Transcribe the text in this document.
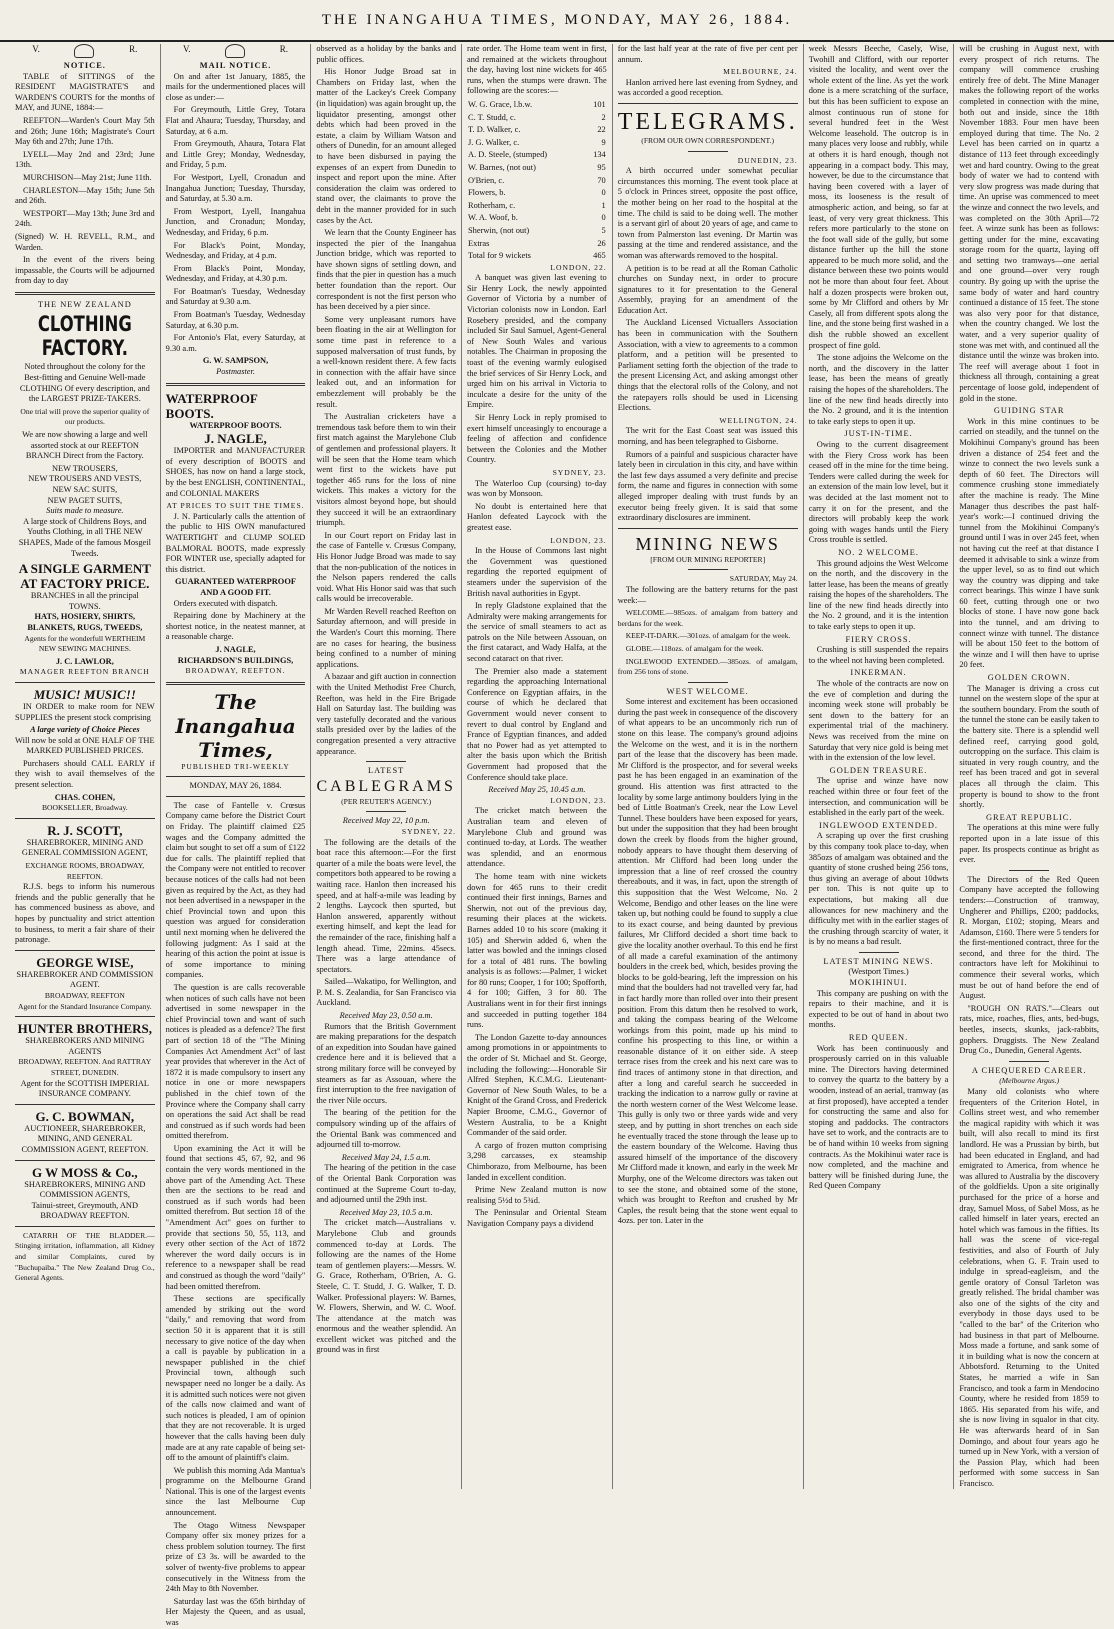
THE INANGAHUA TIMES, MONDAY, MAY 26, 1884.
V.	R.
NOTICE.

TABLE of SITTINGS of the RESIDENT MAGISTRATE'S and WARDEN'S COURTS for the months of MAY, and JUNE, 1884:—

REEFTON—Warden's Court May 5th and 26th; June 16th; Magistrate's Court May 6th and 27th; June 17th.

LYELL—May 2nd and 23rd; June 13th.

MURCHISON—May 21st; June 11th.

CHARLESTON—May 15th; June 5th and 26th.

WESTPORT—May 13th; June 3rd and 24th.

(Signed) W. H. REVELL, R.M., and Warden.

In the event of the rivers being impassable, the Courts will be adjourned from day to day

THE NEW ZEALAND
CLOTHING FACTORY.

Noted throughout the colony for the Best-fitting and Genuine Well-made CLOTHING Of every description, and the LARGEST PRIZE-TAKERS.

One trial will prove the superior quality of our products.

We are now showing a large and well assorted stock at our REEFTON BRANCH Direct from the Factory.

NEW TROUSERS,
NEW TROUSERS AND VESTS,
NEW SAC SUITS,
NEW PAGET SUITS,
Suits made to measure.

A large stock of Childrens Boys, and Youths Clothing, in all THE NEW SHAPES, Made of the famous Mosgeil Tweeds.

A SINGLE GARMENT AT FACTORY PRICE.
BRANCHES in all the principal TOWNS.
HATS, HOSIERY, SHIRTS, BLANKETS, RUGS, TWEEDS,

Agents for the wonderfull WERTHEIM NEW SEWING MACHINES.

J. C. LAWLOR,
MANAGER REEFTON BRANCH
MUSIC! MUSIC!!

IN ORDER to make room for NEW SUPPLIES the present stock comprising

A large variety of Choice Pieces

Will now be sold at ONE HALF OF THE MARKED PUBLISHED PRICES.

Purchasers should CALL EARLY if they wish to avail themselves of the present selection.

CHAS. COHEN,
BOOKSELLER, Broadway.
R. J. SCOTT,

SHAREBROKER, MINING AND GENERAL COMMISSION AGENT,

EXCHANGE ROOMS, BROADWAY, REEFTON.

R.J.S. begs to inform his numerous friends and the public generally that he has commenced business as above, and hopes by punctuality and strict attention to business, to merit a fair share of their patronage.

GEORGE WISE,
SHAREBROKER AND COMMISSION AGENT.
BROADWAY, REEFTON
Agent for the Standard Insurance Company.
HUNTER BROTHERS,
SHAREBROKERS AND MINING AGENTS
BROADWAY, REEFTON. And RATTRAY STREET, DUNEDIN.
Agent for the SCOTTISH IMPERIAL INSURANCE COMPANY.
G. C. BOWMAN,
AUCTIONEER, SHAREBROKER, MINING, AND GENERAL COMMISSION AGENT, REEFTON.
G W MOSS & Co.,
SHAREBROKERS, MINING AND COMMISSION AGENTS,
Tainui-street, Greymouth, AND BROADWAY REEFTON.

CATARRH OF THE BLADDER.—Stinging irritation, inflammation, all Kidney and similar Complaints, cured by "Buchupaiba." The New Zealand Drug Co., General Agents.

V.	R.
MAIL NOTICE.

On and after 1st January, 1885, the mails for the undermentioned places will close as under:—

For Greymouth, Little Grey, Totara Flat and Ahaura; Tuesday, Thursday, and Saturday, at 6 a.m.

From Greymouth, Ahaura, Totara Flat and Little Grey; Monday, Wednesday, and Friday, 5 p.m.

For Westport, Lyell, Cronadun and Inangahua Junction; Tuesday, Thursday, and Saturday, at 5.30 a.m.

From Westport, Lyell, Inangahua Junction, and Cronadun; Monday, Wednesday, and Friday, 6 p.m.

For Black's Point, Monday, Wednesday, and Friday, at 4 p.m.

From Black's Point, Monday, Wednesday, and Friday, at 4.30 p.m.

For Boatman's Tuesday, Wednesday and Saturday at 9.30 a.m.

From Boatman's Tuesday, Wednesday Saturday, at 6.30 p.m.

For Antonio's Flat, every Saturday, at 9.30 a.m.

G. W. SAMPSON,
Postmaster.
WATERPROOF BOOTS.
WATERPROOF BOOTS.
J. NAGLE,

IMPORTER and MANUFACTURER of every description of BOOTS and SHOES, has now on hand a large stock, by the best ENGLISH, CONTINENTAL, and COLONIAL MAKERS

AT PRICES TO SUIT THE TIMES.

J. N. Particularly calls the attention of the public to HIS OWN manufactured WATERTIGHT and CLUMP SOLED BALMORAL BOOTS, made expressly FOR WINTER use, specially adapted for this district.

GUARANTEED WATERPROOF AND A GOOD FIT.

Orders executed with dispatch.

Repairing done by Machinery at the shortest notice, in the neatest manner, at a reasonable charge.

J. NAGLE,
RICHARDSON'S BUILDINGS,
BROADWAY, REEFTON.
The Inangahua Times,
PUBLISHED TRI-WEEKLY
MONDAY, MAY 26, 1884.

The case of Fantelle v. Crœsus Company came before the District Court on Friday. The plaintiff claimed £25 wages and the Company admitted the claim but sought to set off a sum of £122 due for calls. The plaintiff replied that the Company were not entitled to recover because notices of the calls had not been given as required by the Act, as they had not been advertised in a newspaper in the chief Provincial town and upon this question was argued for consideration until next morning when he delivered the following judgment: As I said at the hearing of this action the point at issue is of some importance to mining companies.

The question is are calls recoverable when notices of such calls have not been advertised in some newspaper in the chief Provincial town and want of such notices is pleaded as a defence? The first part of section 18 of the "The Mining Companies Act Amendment Act" of last year provides that wherever in the Act of 1872 it is made compulsory to insert any notice in one or more newspapers published in the chief town of the Province where the Company shall carry on operations the said Act shall be read and construed as if such words had been omitted therefrom.

Upon examining the Act it will be found that sections 45, 67, 92, and 96 contain the very words mentioned in the above part of the Amending Act. These then are the sections to be read and construed as if such words had been omitted therefrom. But section 18 of the "Amendment Act" goes on further to provide that sections 50, 55, 113, and every other section of the Act of 1872 wherever the word daily occurs is in reference to a newspaper shall be read and construed as though the word "daily" had been omitted therefrom.

These sections are specifically amended by striking out the word "daily," and removing that word from section 50 it is apparent that it is still necessary to give notice of the day when a call is payable by publication in a newspaper published in the chief Provincial town, although such newspaper need no longer be a daily. As it is admitted such notices were not given of the calls now claimed and want of such notices is pleaded, I am of opinion that they are not recoverable. It is urged however that the calls having been duly made are at any rate capable of being set-off to the amount of plaintiff's claim.

We publish this morning Ada Mantua's programme on the Melbourne Grand National. This is one of the largest events since the last Melbourne Cup announcement.

The Otago Witness Newspaper Company offer six money prizes for a chess problem solution tourney. The first prize of £3 3s. will be awarded to the solver of twenty-five problems to appear consecutively in the Witness from the 24th May to 8th November.

Saturday last was the 65th birthday of Her Majesty the Queen, and as usual, was

observed as a holiday by the banks and public offices.

His Honor Judge Broad sat in Chambers on Friday last, when the matter of the Lackey's Creek Company (in liquidation) was again brought up, the liquidator presenting, amongst other debts which had been proved in the estate, a claim by William Watson and others of Dunedin, for an amount alleged to have been disbursed in paying the expenses of an expert from Dunedin to inspect and report upon the mine. After consideration the claim was ordered to stand over, the claimants to prove the debt in the manner provided for in such cases by the Act.

We learn that the County Engineer has inspected the pier of the Inangahua Junction bridge, which was reported to have shown signs of settling down, and finds that the pier in question has a much better foundation than the report. Our correspondent is not the first person who has been deceived by a pier since.

Some very unpleasant rumors have been floating in the air at Wellington for some time past in reference to a supposed malversation of trust funds, by a well-known resident there. A few facts in connection with the affair have since leaked out, and an information for embezzlement will probably be the result.

The Australian cricketers have a tremendous task before them to win their first match against the Marylebone Club of gentlemen and professional players. It will be seen that the Home team which went first to the wickets have put together 465 runs for the loss of nine wickets. This makes a victory for the visitors almost beyond hope, but should they succeed it will be an extraordinary triumph.

In our Court report on Friday last in the case of Fantelle v. Crœsus Company, His Honor Judge Broad was made to say that the non-publication of the notices in the Nelson papers rendered the calls void. What His Honor said was that such calls would be irrecoverable.

Mr Warden Revell reached Reefton on Saturday afternoon, and will preside in the Warden's Court this morning. There are no cases for hearing, the business being confined to a number of mining applications.

A bazaar and gift auction in connection with the United Methodist Free Church, Reefton, was held in the Fire Brigade Hall on Saturday last. The building was very tastefully decorated and the various stalls presided over by the ladies of the congregation presented a very attractive appearance.

LATEST
CABLEGRAMS
(PER REUTER'S AGENCY.)
Received May 22, 10 p.m.
SYDNEY, 22.

The following are the details of the boat race this afternoon:—For the first quarter of a mile the boats were level, the competitors both appeared to be rowing a waiting race. Hanlon then increased his speed, and at half-a-mile was leading by 2 lengths. Laycock then spurted, but Hanlon answered, apparently without exerting himself, and kept the lead for the remainder of the race, finishing half a length ahead. Time, 22mins. 45secs. There was a large attendance of spectators.

Sailed—Wakatipo, for Wellington, and P. M. S. Zealandia, for San Francisco via Auckland.

Received May 23, 0.50 a.m.

Rumors that the British Government are making preparations for the despatch of an expedition into Soudan have gained credence here and it is believed that a strong military force will be conveyed by steamers as far as Assouan, where the first interruption to the free navigation of the river Nile occurs.

The bearing of the petition for the compulsory winding up of the affairs of the Oriental Bank was commenced and adjourned till to-morrow.

Received May 24, 1.5 a.m.

The hearing of the petition in the case of the Oriental Bank Corporation was continued at the Supreme Court to-day, and adjourned until the 29th inst.

Received May 23, 10.5 a.m.

The cricket match—Australians v. Marylebone Club and grounds commenced to-day at Lords. The following are the names of the Home team of gentlemen players:—Messrs. W. G. Grace, Rotherham, O'Brien, A. G. Steele, C. T. Studd, J. G. Walker, T. D. Walker. Professional players: W. Barnes, W. Flowers, Sherwin, and W. C. Woof. The attendance at the match was enormous and the weather splendid. An excellent wicket was pitched and the ground was in first

rate order. The Home team went in first, and remained at the wickets throughout the day, having lost nine wickets for 465 runs, when the stumps were drawn. The following are the scores:—

W. G. Grace, l.b.w.	101
C. T. Studd, c.	2
T. D. Walker, c.	22
J. G. Walker, c.	9
A. D. Steele, (stumped)	134
W. Barnes, (not out)	95
O'Brien, c.	70
Flowers, b.	0
Rotherham, c.	1
W. A. Woof, b.	0
Sherwin, (not out)	5
Extras	26
Total for 9 wickets	465
LONDON, 22.

A banquet was given last evening to Sir Henry Lock, the newly appointed Governor of Victoria by a number of Victorian colonists now in London. Earl Rosebery presided, and the company included Sir Saul Samuel, Agent-General of New South Wales and various notables. The Chairman in proposing the toast of the evening warmly eulogised the brief services of Sir Henry Lock, and urged him on his arrival in Victoria to inculcate a desire for the unity of the Empire.

Sir Henry Lock in reply promised to exert himself unceasingly to encourage a feeling of affection and confidence between the Colonies and the Mother Country.

SYDNEY, 23.

The Waterloo Cup (coursing) to-day was won by Monsoon.

No doubt is entertained here that Hanlon defeated Laycock with the greatest ease.

LONDON, 23.

In the House of Commons last night the Government was questioned regarding the reported equipment of steamers under the supervision of the British naval authorities in Egypt.

In reply Gladstone explained that the Admiralty were making arrangements for the service of small steamers to act as patrols on the Nile between Assouan, on the first cataract, and Wady Halfa, at the second cataract on that river.

The Premier also made a statement regarding the approaching International Conference on Egyptian affairs, in the course of which he declared that Government would never consent to revert to dual control by England and France of Egyptian finances, and added that no Power had as yet attempted to alter the basis upon which the British Government had proposed that the Conference should take place.

Received May 25, 10.45 a.m.
LONDON, 23.

The cricket match between the Australian team and eleven of Marylebone Club and ground was continued to-day, at Lords. The weather was splendid, and an enormous attendance.

The home team with nine wickets down for 465 runs to their credit continued their first innings, Barnes and Sherwin, not out of the previous day, resuming their places at the wickets. Barnes added 10 to his score (making it 105) and Sherwin added 6, when the latter was bowled and the innings closed for a total of 481 runs. The bowling analysis is as follows:—Palmer, 1 wicket for 80 runs; Cooper, 1 for 100; Spofforth, 4 for 100; Giffen, 3 for 80. The Australians went in for their first innings and succeeded in putting together 184 runs.

The London Gazette to-day announces among promotions in or appointments to the order of St. Michael and St. George, including the following:—Honorable Sir Alfred Stephen, K.C.M.G. Lieutenant-Governor of New South Wales, to be a Knight of the Grand Cross, and Frederick Napier Broome, C.M.G., Governor of Western Australia, to be a Knight Commander of the said order.

A cargo of frozen mutton comprising 3,298 carcasses, ex steamship Chimborazo, from Melbourne, has been landed in excellent condition.

Prime New Zealand mutton is now realising 5½d to 5¾d.

The Peninsular and Oriental Steam Navigation Company pays a dividend

for the last half year at the rate of five per cent per annum.

MELBOURNE, 24.

Hanlon arrived here last evening from Sydney, and was accorded a good reception.

TELEGRAMS.
(FROM OUR OWN CORRESPONDENT.)
DUNEDIN, 23.

A birth occurred under somewhat peculiar circumstances this morning. The event took place at 5 o'clock in Princes street, opposite the post office, the mother being on her road to the hospital at the time. The child is said to be doing well. The mother is a servant girl of about 20 years of age, and came to town from Palmerston last evening. Dr Martin was passing at the time and rendered assistance, and the woman was afterwards removed to the hospital.

A petition is to be read at all the Roman Catholic churches on Sunday next, in order to procure signatures to it for presentation to the General Assembly, praying for an amendment of the Education Act.

The Auckland Licensed Victuallers Association has been in communication with the Southern Association, with a view to agreements to a common platform, and a petition will be presented to Parliament setting forth the objection of the trade to the present Licensing Act, and asking amongst other things that the electoral rolls of the Colony, and not the ratepayers rolls should be used in Licensing Elections.

WELLINGTON, 24.

The writ for the East Coast seat was issued this morning, and has been telegraphed to Gisborne.

Rumors of a painful and suspicious character have lately been in circulation in this city, and have within the last few days assumed a very definite and precise form, the name and figures in connection with some alleged improper dealing with trust funds by an executor being freely given. It is said that some extraordinary disclosures are imminent.

MINING NEWS
[FROM OUR MINING REPORTER]
SATURDAY, May 24.

The following are the battery returns for the past week:—

WELCOME.—985ozs. of amalgam from battery and berdans for the week.

KEEP-IT-DARK.—301ozs. of amalgam for the week.

GLOBE.—118ozs. of amalgam for the week.

INGLEWOOD EXTENDED.—385ozs. of amalgam, from 256 tons of stone.

WEST WELCOME.

Some interest and excitement has been occasioned during the past week in consequence of the discovery of what appears to be an uncommonly rich run of stone on this lease. The company's ground adjoins the Welcome on the west, and it is in the northern part of the lease that the discovery has been made. Mr Clifford is the prospector, and for several weeks past he has been engaged in an examination of the ground. His attention was first attracted to the locality by some large antimony boulders lying in the bed of Little Boatman's Creek, near the Low Level Tunnel. These boulders have been exposed for years, but under the supposition that they had been brought down the creek by floods from the higher ground, nobody appears to have thought them deserving of attention. Mr Clifford had been long under the impression that a line of reef crossed the country thereabouts, and it was, in fact, upon the strength of this supposition that the West Welcome, No. 2 Welcome, Bendigo and other leases on the line were taken up, but nothing could be found to supply a clue to its exact course, and being daunted by previous failures, Mr Clifford decided a short time back to give the locality another overhaul. To this end he first of all made a careful examination of the antimony boulders in the creek bed, which, besides proving the blocks to be gold-bearing, left the impression on his mind that the boulders had not travelled very far, had in fact hardly more than rolled over into their present position. From this datum then he resolved to work, and taking the compass bearing of the Welcome workings from this point, made up his mind to confine his prospecting to this line, or within a reasonable distance of it on either side. A steep terrace rises from the creek and his next care was to find traces of antimony stone in that direction, and after a long and careful search he succeeded in tracking the indication to a narrow gully or ravine at the north western corner of the West Welcome lease. This gully is only two or three yards wide and very steep, and by putting in short trenches on each side he eventually traced the stone through the lease up to the eastern boundary of the Welcome. Having thus assured himself of the importance of the discovery Mr Clifford made it known, and early in the week Mr Murphy, one of the Welcome directors was taken out to see the stone, and obtained some of the stone, which was brought to Reefton and crushed by Mr Caples, the result being that the stone went equal to 4ozs. per ton. Later in the

week Messrs Beeche, Casely, Wise, Twohill and Clifford, with our reporter visited the locality, and went over the whole extent of the line. As yet the work done is a mere scratching of the surface, but this has been sufficient to expose an almost continuous run of stone for several hundred feet in the West Welcome leasehold. The outcrop is in many places very loose and rubbly, while at others it is hard enough, though not appearing in a compact body. This may, however, be due to the circumstance that having been covered with a layer of moss, its looseness is the result of atmospheric action, and being, so far at least, of very very great thickness. This refers more particularly to the stone on the foot wall side of the gully, but some distance further up the hill the stone appeared to be much more solid, and the distance between these two points would not be more than about four feet. About half a dozen prospects were broken out, some by Mr Clifford and others by Mr Casely, all from different spots along the line, and the stone being first washed in a dish the rubble showed an excellent prospect of fine gold.

The stone adjoins the Welcome on the north, and the discovery in the latter lease, has been the means of greatly raising the hopes of the shareholders. The line of the new find heads directly into the No. 2 ground, and it is the intention to take early steps to open it up.

JUST-IN-TIME.

Owing to the current disagreement with the Fiery Cross work has been ceased off in the mine for the time being. Tenders were called during the week for an extension of the main low level, but it was decided at the last moment not to carry it on for the present, and the directors will probably keep the work going with wages hands until the Fiery Cross trouble is settled.

NO. 2 WELCOME.

This ground adjoins the West Welcome on the north, and the discovery in the latter lease, has been the means of greatly raising the hopes of the shareholders. The line of the new find heads directly into the No. 2 ground, and it is the intention to take early steps to open it up.

FIERY CROSS.

Crushing is still suspended the repairs to the wheel not having been completed.

INKERMAN.

The whole of the contracts are now on the eve of completion and during the incoming week stone will probably be sent down to the battery for an experimental trial of the machinery. News was received from the mine on Saturday that very nice gold is being met with in the extension of the low level.

GOLDEN TREASURE.

The uprise and winze have now reached within three or four feet of the intersection, and communication will be established in the early part of the week.

INGLEWOOD EXTENDED.

A scraping up over the first crushing by this company took place to-day, when 385ozs of amalgam was obtained and the quantity of stone crushed being 256 tons, thus giving an average of about 10dwts per ton. This is not quite up to expectations, but making all due allowances for new machinery and the difficulty met with in the earlier stages of the crushing through scarcity of water, it is by no means a bad result.

LATEST MINING NEWS.
(Westport Times.)
MOKIHINUI.

This company are pushing on with the repairs to their machine, and it is expected to be out of hand in about two months.

RED QUEEN.

Work has been continuously and prosperously carried on in this valuable mine. The Directors having determined to convey the quartz to the battery by a wooden, instead of an aerial, tramway (as at first proposed), have accepted a tender for constructing the same and also for stoping and paddocks. The contractors have set to work, and the contracts are to be of hand within 10 weeks from signing contracts. As the Mokihinui water race is now completed, and the machine and battery will be finished during June, the Red Queen Company

will be crushing in August next, with every prospect of rich returns. The company will commence crushing entirely free of debt. The Mine Manager makes the following report of the works completed in connection with the mine, both out and inside, since the 18th November 1883. Four men have been employed during that time. The No. 2 Level has been carried on in quartz a distance of 113 feet through exceedingly wet and hard country. Owing to the great body of water we had to contend with very slow progress was made during that time. An uprise was commenced to meet the winze and connect the two levels, and was completed on the 30th April—72 feet. A winze sunk has been as follows: getting under for the mine, excavating storage room for the quartz, laying off and setting two tramways—one aerial and one ground—over very rough country. By going up with the uprise the same body of water and hard country continued a distance of 15 feet. The stone was also very poor for that distance, when the country changed. We lost the water, and a very superior quality of stone was met with, and continued all the distance until the winze was broken into. The reef will average about 1 foot in thickness all through, containing a great percentage of loose gold, independent of gold in the stone.

GUIDING STAR

Work in this mine continues to be carried on steadily, and the tunnel on the Mokihinui Company's ground has been driven a distance of 254 feet and the winze to connect the two levels sunk a depth of 60 feet. The Directors will commence crushing stone immediately after the machine is ready. The Mine Manager thus describes the past half-year's work:—I continued driving the tunnel from the Mokihinui Company's ground until I was in over 245 feet, when not having cut the reef at that distance I deemed it advisable to sink a winze from the upper level, so as to find out which way the country was dipping and take correct bearings. This winze I have sunk 60 feet, cutting through one or two blocks of stone. I have now gone back into the tunnel, and am driving to connect winze with tunnel. The distance will be about 150 feet to the bottom of the winze and I will then have to uprise 20 feet.

GOLDEN CROWN.

The Manager is driving a cross cut tunnel on the western slope of the spur at the southern boundary. From the south of the tunnel the stone can be easily taken to the battery site. There is a splendid well defined reef, carrying good gold, outcropping on the surface. This claim is situated in very rough country, and the reef has been traced and got in several places all through the claim. This property is bound to show to the front shortly.

GREAT REPUBLIC.

The operations at this mine were fully reported upon in a late issue of this paper. Its prospects continue as bright as ever.

The Directors of the Red Queen Company have accepted the following tenders:—Construction of tramway, Ungherer and Phillips, £200; paddocks, R. Morgan, £102; stoping, Mears and Adamson, £160. There were 5 tenders for the first-mentioned contract, three for the second, and three for the third. The contractors have left for Mokihinui to commence their several works, which must be out of hand before the end of August.

"ROUGH ON RATS."—Clears out rats, mice, roaches, flies, ants, bed-bugs, beetles, insects, skunks, jack-rabbits, gophers. Druggists. The New Zealand Drug Co., Dunedin, General Agents.

A CHEQUERED CAREER.
(Melbourne Argus.)

Many old colonists who where frequenters of the Criterion Hotel, in Collins street west, and who remember the magical rapidity with which it was built, will also recall to mind its first landlord. He was a Prussian by birth, but had been educated in England, and had emigrated to America, from whence he was allured to Australia by the discovery of the goldfields. Upon a site originally purchased for the price of a horse and dray, Samuel Moss, of Sabel Moss, as he called himself in later years, erected an hotel which was famous in the fifties. Its hall was the scene of vice-regal festivities, and also of Fourth of July celebrations, when G. F. Train used to indulge in spread-eagleism, and the gentle oratory of Consul Tarleton was greatly relished. The bridal chamber was also one of the sights of the city and everybody in those days used to be "called to the bar" of the Criterion who had business in that part of Melbourne. Moss made a fortune, and sank some of it in building what is now the concern at Abbotsford. Returning to the United States, he married a wife in San Francisco, and took a farm in Mendocino County, where he resided from 1859 to 1865. His separated from his wife, and she is now living in squalor in that city. He was afterwards heard of in San Domingo, and about four years ago he turned up in New York, with a version of the Passion Play, which had been performed with some success in San Francisco.
